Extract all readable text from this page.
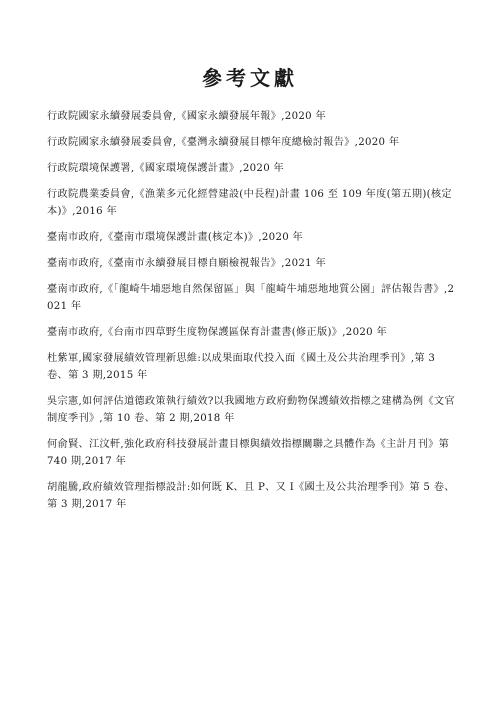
參考文獻
行政院國家永續發展委員會,《國家永續發展年報》,2020 年
行政院國家永續發展委員會,《臺灣永續發展目標年度總檢討報告》,2020 年
行政院環境保護署,《國家環境保護計畫》,2020 年
行政院農業委員會,《漁業多元化經營建設(中長程)計畫 106 至 109 年度(第五期)(核定本)》,2016 年
臺南市政府,《臺南市環境保護計畫(核定本)》,2020 年
臺南市政府,《臺南市永續發展目標自願檢視報告》,2021 年
臺南市政府,《「龍崎牛埔惡地自然保留區」與「龍崎牛埔惡地地質公園」評估報告書》,2021 年
臺南市政府,《台南市四草野生度物保護區保育計畫書(修正版)》,2020 年
杜紫軍,國家發展績效管理新思維:以成果面取代投入面《國土及公共治理季刊》,第 3 卷、第 3 期,2015 年
吳宗憲,如何評估道德政策執行績效?以我國地方政府動物保護績效指標之建構為例《文官制度季刊》,第 10 卷、第 2 期,2018 年
何俞賢、江汶軒,強化政府科技發展計畫目標與績效指標關聯之具體作為《主計月刊》第 740 期,2017 年
胡龍騰,政府績效管理指標設計:如何既 K、且 P、又 I《國土及公共治理季刊》第 5 卷、第 3 期,2017 年
